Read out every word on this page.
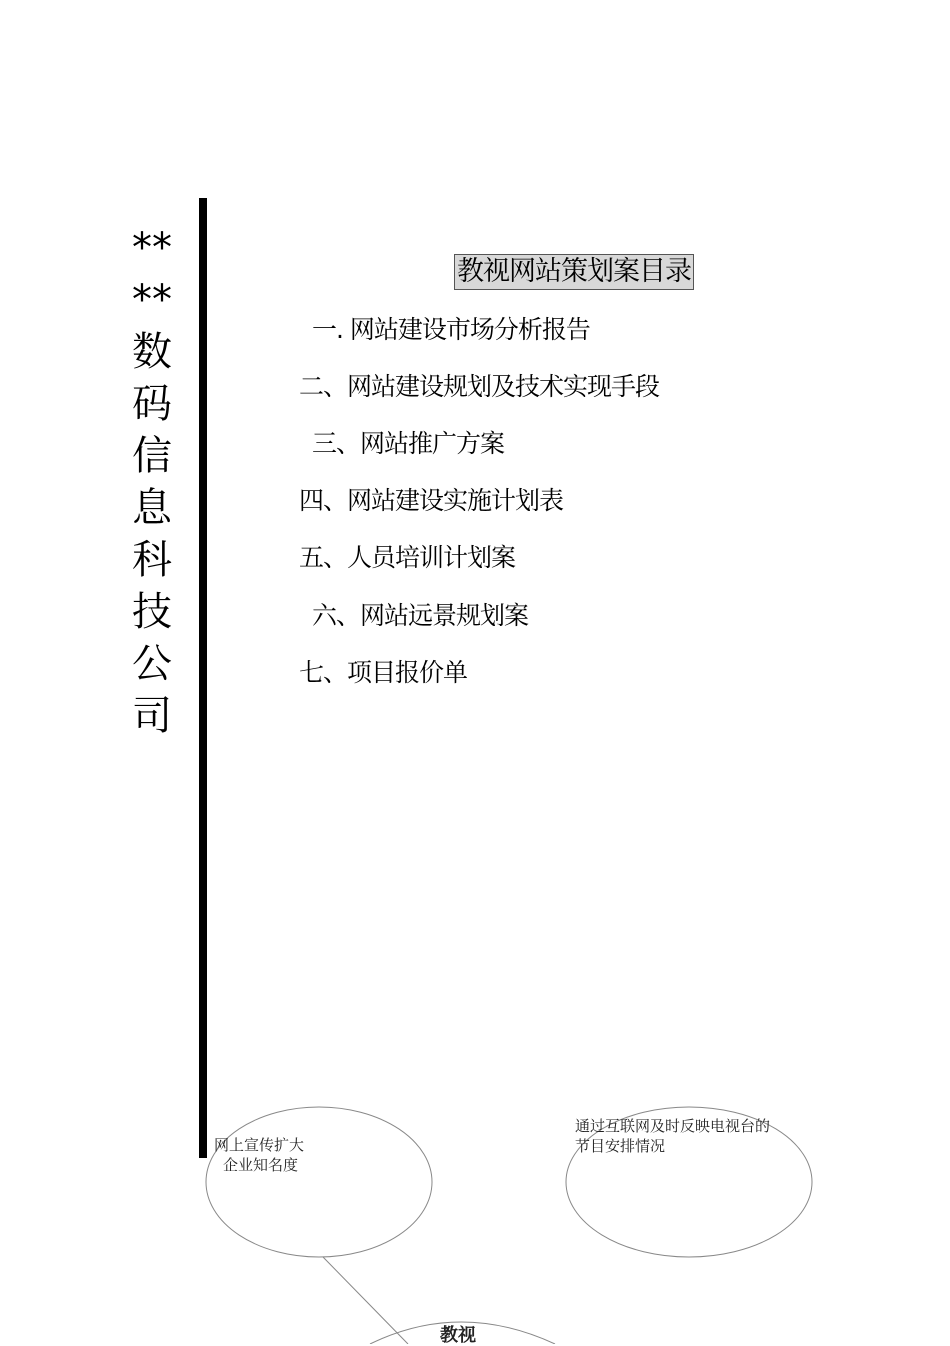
****数码信息科技公司
教视网站策划案目录
一. 网站建设市场分析报告
二、网站建设规划及技术实现手段
三、网站推广方案
四、网站建设实施计划表
五、人员培训计划案
六、网站远景规划案
七、项目报价单
网上宣传扩大
企业知名度
通过互联网及时反映电视台的
节目安排情况
教视
